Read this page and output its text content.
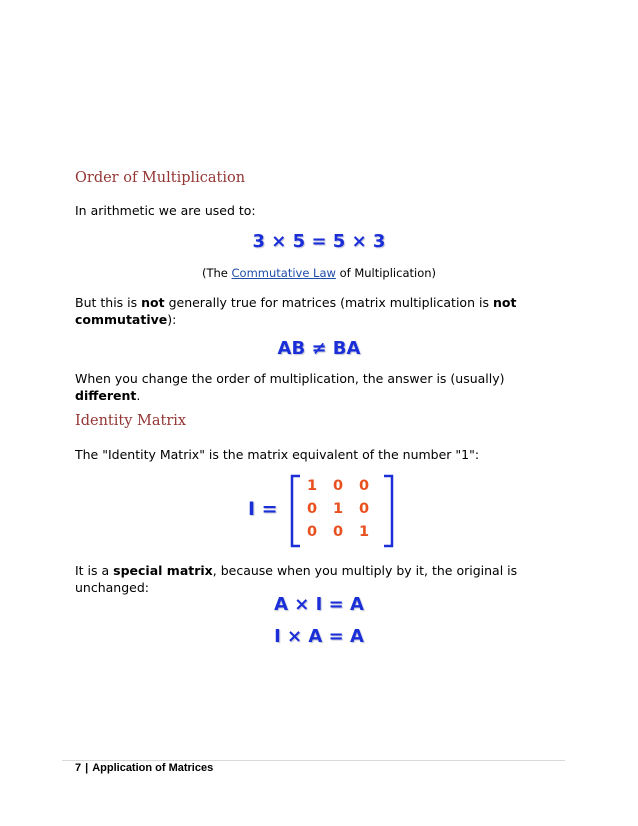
Order of Multiplication
In arithmetic we are used to:
3 × 5 = 5 × 3
(The Commutative Law of Multiplication)
But this is not generally true for matrices (matrix multiplication is not
commutative):
AB ≠ BA
When you change the order of multiplication, the answer is (usually) different.
Identity Matrix
The "Identity Matrix" is the matrix equivalent of the number "1":
I =
1	0	0
0	1	0
0	0	1
It is a special matrix, because when you multiply by it, the original is unchanged:
A × I = A
I × A = A
7 | Application of Matrices
